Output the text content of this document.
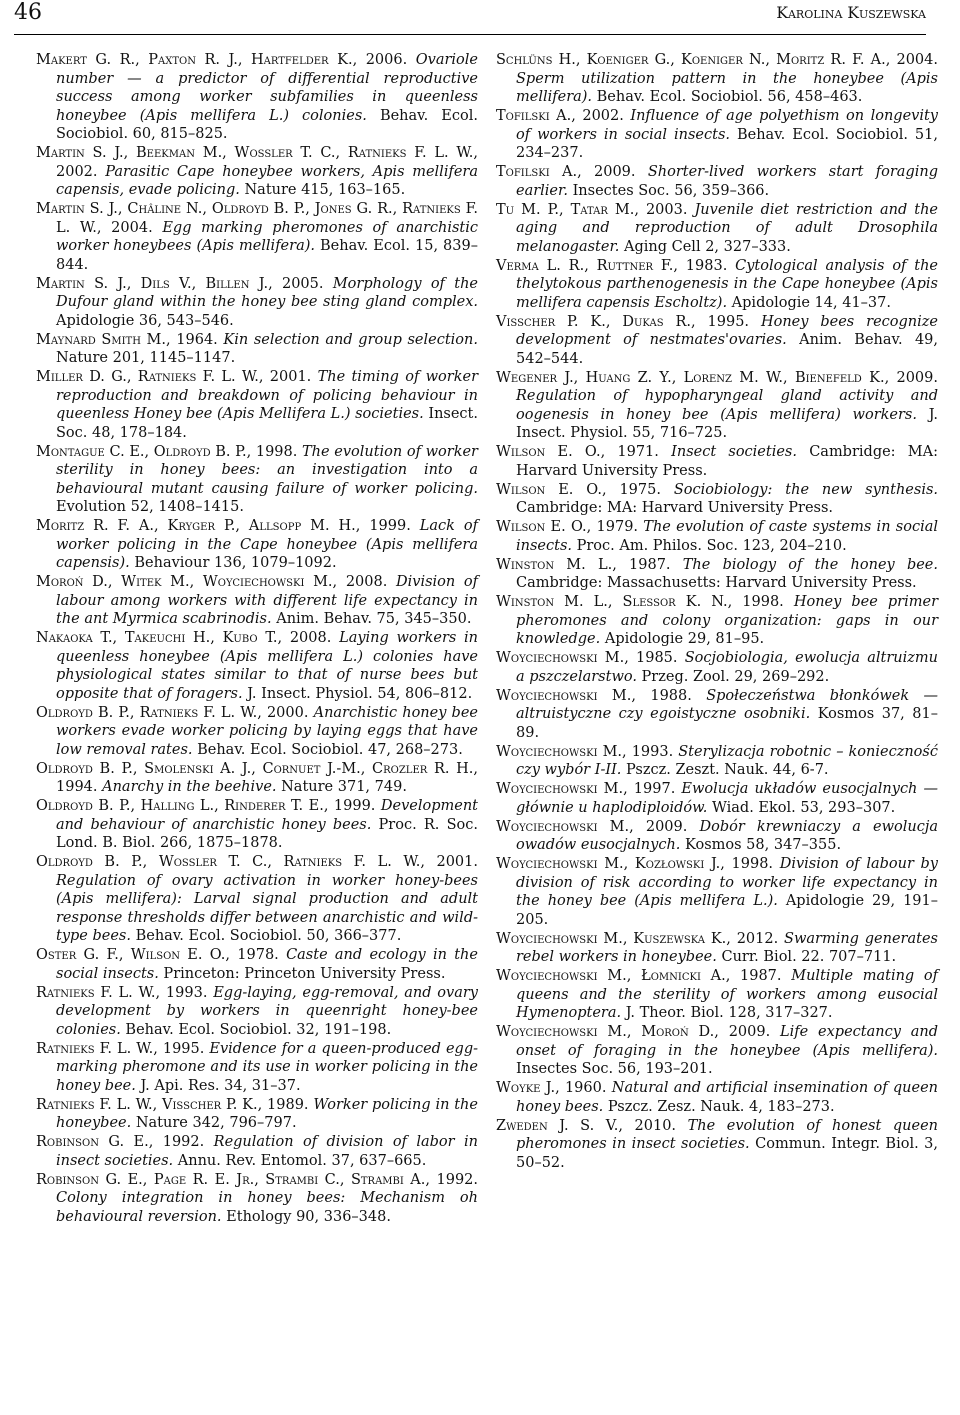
46	Karolina Kuszewska

Makert G. R., Paxton R. J., Hartfelder K., 2006. Ovariole number — a predictor of differential reproductive success among worker subfamilies in queenless honeybee (Apis mellifera L.) colonies. Behav. Ecol. Sociobiol. 60, 815–825.

Martin S. J., Beekman M., Wossler T. C., Ratnieks F. L. W., 2002. Parasitic Cape honeybee workers, Apis mellifera capensis, evade policing. Nature 415, 163–165.

Martin S. J., Châline N., Oldroyd B. P., Jones G. R., Ratnieks F. L. W., 2004. Egg marking pheromones of anarchistic worker honeybees (Apis mellifera). Behav. Ecol. 15, 839–844.

Martin S. J., Dils V., Billen J., 2005. Morphology of the Dufour gland within the honey bee sting gland complex. Apidologie 36, 543–546.

Maynard Smith M., 1964. Kin selection and group selection. Nature 201, 1145–1147.

Miller D. G., Ratnieks F. L. W., 2001. The timing of worker reproduction and breakdown of policing behaviour in queenless Honey bee (Apis Mellifera L.) societies. Insect. Soc. 48, 178–184.

Montague C. E., Oldroyd B. P., 1998. The evolution of worker sterility in honey bees: an investigation into a behavioural mutant causing failure of worker policing. Evolution 52, 1408–1415.

Moritz R. F. A., Kryger P., Allsopp M. H., 1999. Lack of worker policing in the Cape honeybee (Apis mellifera capensis). Behaviour 136, 1079–1092.

Moroń D., Witek M., Woyciechowski M., 2008. Division of labour among workers with different life expectancy in the ant Myrmica scabrinodis. Anim. Behav. 75, 345–350.

Nakaoka T., Takeuchi H., Kubo T., 2008. Laying workers in queenless honeybee (Apis mellifera L.) colonies have physiological states similar to that of nurse bees but opposite that of foragers. J. Insect. Physiol. 54, 806–812.

Oldroyd B. P., Ratnieks F. L. W., 2000. Anarchistic honey bee workers evade worker policing by laying eggs that have low removal rates. Behav. Ecol. Sociobiol. 47, 268–273.

Oldroyd B. P., Smolenski A. J., Cornuet J.-M., Crozler R. H., 1994. Anarchy in the beehive. Nature 371, 749.

Oldroyd B. P., Halling L., Rinderer T. E., 1999. Development and behaviour of anarchistic honey bees. Proc. R. Soc. Lond. B. Biol. 266, 1875–1878.

Oldroyd B. P., Wossler T. C., Ratnieks F. L. W., 2001. Regulation of ovary activation in worker honey-bees (Apis mellifera): Larval signal production and adult response thresholds differ between anarchistic and wild-type bees. Behav. Ecol. Sociobiol. 50, 366–377.

Oster G. F., Wilson E. O., 1978. Caste and ecology in the social insects. Princeton: Princeton University Press.

Ratnieks F. L. W., 1993. Egg-laying, egg-removal, and ovary development by workers in queenright honey-bee colonies. Behav. Ecol. Sociobiol. 32, 191–198.

Ratnieks F. L. W., 1995. Evidence for a queen-produced egg-marking pheromone and its use in worker policing in the honey bee. J. Api. Res. 34, 31–37.

Ratnieks F. L. W., Visscher P. K., 1989. Worker policing in the honeybee. Nature 342, 796–797.

Robinson G. E., 1992. Regulation of division of labor in insect societies. Annu. Rev. Entomol. 37, 637–665.

Robinson G. E., Page R. E. Jr., Strambi C., Strambi A., 1992. Colony integration in honey bees: Mechanism oh behavioural reversion. Ethology 90, 336–348.

Schlüns H., Koeniger G., Koeniger N., Moritz R. F. A., 2004. Sperm utilization pattern in the honeybee (Apis mellifera). Behav. Ecol. Sociobiol. 56, 458–463.

Tofilski A., 2002. Influence of age polyethism on longevity of workers in social insects. Behav. Ecol. Sociobiol. 51, 234–237.

Tofilski A., 2009. Shorter-lived workers start foraging earlier. Insectes Soc. 56, 359–366.

Tu M. P., Tatar M., 2003. Juvenile diet restriction and the aging and reproduction of adult Drosophila melanogaster. Aging Cell 2, 327–333.

Verma L. R., Ruttner F., 1983. Cytological analysis of the thelytokous parthenogenesis in the Cape honeybee (Apis mellifera capensis Escholtz). Apidologie 14, 41–37.

Visscher P. K., Dukas R., 1995. Honey bees recognize development of nestmates'ovaries. Anim. Behav. 49, 542–544.

Wegener J., Huang Z. Y., Lorenz M. W., Bienefeld K., 2009. Regulation of hypopharyngeal gland activity and oogenesis in honey bee (Apis mellifera) workers. J. Insect. Physiol. 55, 716–725.

Wilson E. O., 1971. Insect societies. Cambridge: MA: Harvard University Press.

Wilson E. O., 1975. Sociobiology: the new synthesis. Cambridge: MA: Harvard University Press.

Wilson E. O., 1979. The evolution of caste systems in social insects. Proc. Am. Philos. Soc. 123, 204–210.

Winston M. L., 1987. The biology of the honey bee. Cambridge: Massachusetts: Harvard University Press.

Winston M. L., Slessor K. N., 1998. Honey bee primer pheromones and colony organization: gaps in our knowledge. Apidologie 29, 81–95.

Woyciechowski M., 1985. Socjobiologia, ewolucja altruizmu a pszczelarstwo. Przeg. Zool. 29, 269–292.

Woyciechowski M., 1988. Społeczeństwa błonkówek — altruistyczne czy egoistyczne osobniki. Kosmos 37, 81–89.

Woyciechowski M., 1993. Sterylizacja robotnic – konieczność czy wybór I-II. Pszcz. Zeszt. Nauk. 44, 6-7.

Woyciechowski M., 1997. Ewolucja układów eusocjalnych — głównie u haplodiploidów. Wiad. Ekol. 53, 293–307.

Woyciechowski M., 2009. Dobór krewniaczy a ewolucja owadów eusocjalnych. Kosmos 58, 347–355.

Woyciechowski M., Kozłowski J., 1998. Division of labour by division of risk according to worker life expectancy in the honey bee (Apis mellifera L.). Apidologie 29, 191–205.

Woyciechowski M., Kuszewska K., 2012. Swarming generates rebel workers in honeybee. Curr. Biol. 22. 707–711.

Woyciechowski M., Łomnicki A., 1987. Multiple mating of queens and the sterility of workers among eusocial Hymenoptera. J. Theor. Biol. 128, 317–327.

Woyciechowski M., Moroń D., 2009. Life expectancy and onset of foraging in the honeybee (Apis mellifera). Insectes Soc. 56, 193–201.

Woyke J., 1960. Natural and artificial insemination of queen honey bees. Pszcz. Zesz. Nauk. 4, 183–273.

Zweden J. S. V., 2010. The evolution of honest queen pheromones in insect societies. Commun. Integr. Biol. 3, 50–52.
